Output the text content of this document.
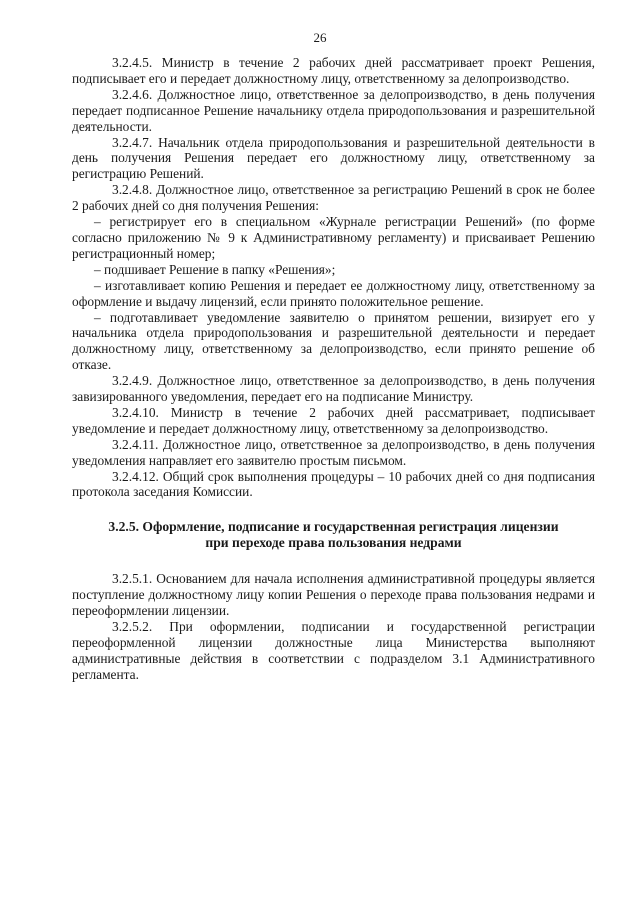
26

3.2.4.5. Министр в течение 2 рабочих дней рассматривает проект Решения, подписывает его и передает должностному лицу, ответственному за делопроизводство.

3.2.4.6. Должностное лицо, ответственное за делопроизводство, в день получения передает подписанное Решение начальнику отдела природопользования и разрешительной деятельности.

3.2.4.7. Начальник отдела природопользования и разрешительной деятельности в день получения Решения передает его должностному лицу, ответственному за регистрацию Решений.

3.2.4.8. Должностное лицо, ответственное за регистрацию Решений в срок не более 2 рабочих дней со дня получения Решения:

– регистрирует его в специальном «Журнале регистрации Решений» (по форме согласно приложению № 9 к Административному регламенту) и присваивает Решению регистрационный номер;

– подшивает Решение в папку «Решения»;

– изготавливает копию Решения и передает ее должностному лицу, ответственному за оформление и выдачу лицензий, если принято положительное решение.

– подготавливает уведомление заявителю о принятом решении, визирует его у начальника отдела природопользования и разрешительной деятельности и передает должностному лицу, ответственному за делопроизводство, если принято решение об отказе.

3.2.4.9. Должностное лицо, ответственное за делопроизводство, в день получения завизированного уведомления, передает его на подписание Министру.

3.2.4.10. Министр в течение 2 рабочих дней рассматривает, подписывает уведомление и передает должностному лицу, ответственному за делопроизводство.

3.2.4.11. Должностное лицо, ответственное за делопроизводство, в день получения уведомления направляет его заявителю простым письмом.

3.2.4.12. Общий срок выполнения процедуры – 10 рабочих дней со дня подписания протокола заседания Комиссии.

3.2.5. Оформление, подписание и государственная регистрация лицензии
при переходе права пользования недрами

3.2.5.1. Основанием для начала исполнения административной процедуры является поступление должностному лицу копии Решения о переходе права пользования недрами и переоформлении лицензии.

3.2.5.2. При оформлении, подписании и государственной регистрации переоформленной лицензии должностные лица Министерства выполняют административные действия в соответствии с подразделом 3.1 Административного регламента.
